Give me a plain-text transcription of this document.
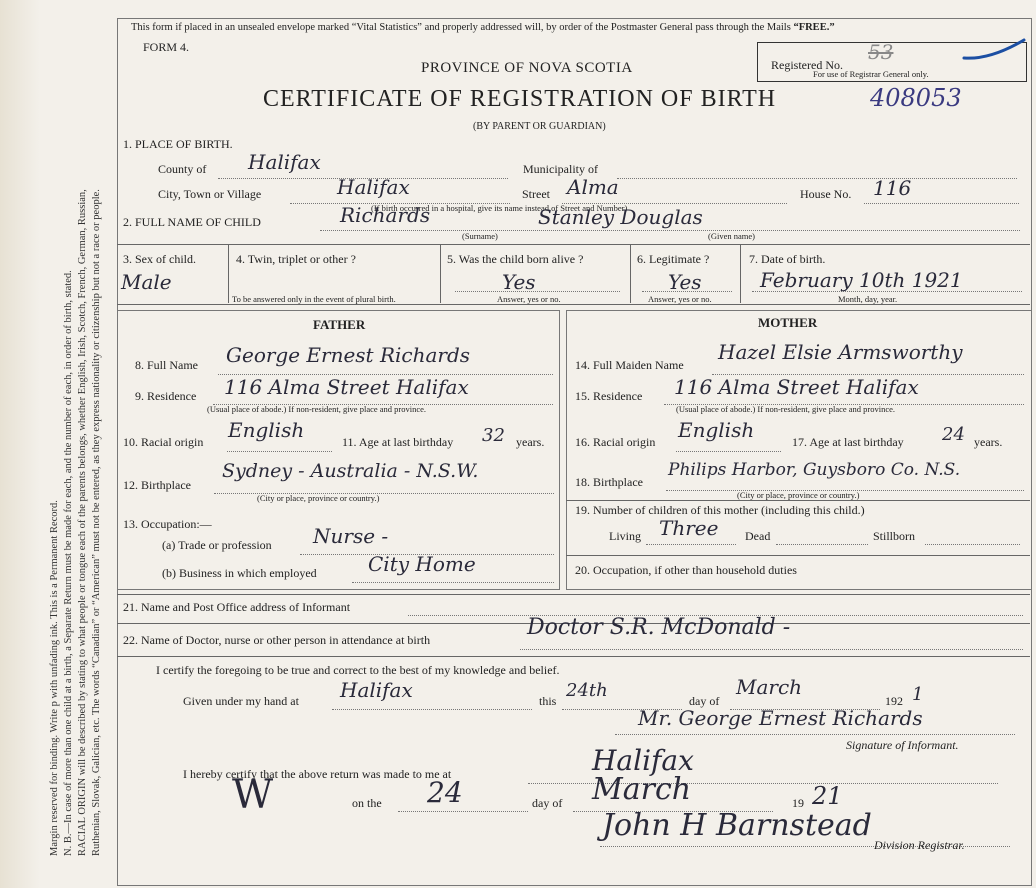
Margin reserved for binding. Write p with unfading ink. This is a Permanent Record. N. B.—In case of more than one child at a birth, a Separate Return must be made for each, and the number of each, in order of birth, stated. RACIAL ORIGIN will be described by stating to what people or tongue each of the parents belongs, whether English, Irish, Scotch, French, German, Russian, Ruthenian, Slovak, Galician, etc. The words “Canadian” or “American” must not be entered, as they express nationality or citizenship but not a race or people.
This form if placed in an unsealed envelope marked “Vital Statistics” and properly addressed will, by order of the Postmaster General pass through the Mails “FREE.”
FORM 4.
Registered No.
53
For use of Registrar General only.
PROVINCE OF NOVA SCOTIA
CERTIFICATE OF REGISTRATION OF BIRTH	408053
(BY PARENT OR GUARDIAN)
1. PLACE OF BIRTH.
County of Halifax	Municipality of
City, Town or Village	Halifax	Street Alma	House No. 116
(If birth occurred in a hospital, give its name instead of Street and Number)
2. FULL NAME OF CHILD	Richards	Stanley Douglas
(Surname)	(Given name)
3. Sex of child.
Male
4. Twin, triplet or other ?
To be answered only in the event of plural birth.
5. Was the child born alive ?
Yes
Answer, yes or no.
6. Legitimate ?
Yes
Answer, yes or no.
7. Date of birth.
February 10th 1921
Month, day, year.
FATHER	MOTHER
8. Full Name George Ernest Richards
9. Residence 116 Alma Street Halifax
(Usual place of abode.) If non-resident, give place and province.
10. Racial origin English	11. Age at last birthday 32 years.
12. Birthplace
Sydney - Australia - N.S.W.
(City or place, province or country.)
13. Occupation:—
(a) Trade or profession Nurse -
(b) Business in which employed	City Home
14. Full Maiden Name
Hazel Elsie Armsworthy
15. Residence 116 Alma Street Halifax
(Usual place of abode.) If non-resident, give place and province.
16. Racial origin English	17. Age at last birthday 24 years.
18. Birthplace
Philips Harbor, Guysboro Co. N.S.
(City or place, province or country.)
19. Number of children of this mother (including this child.)
Living Three Dead	Stillborn
20. Occupation, if other than household duties
21. Name and Post Office address of Informant
22. Name of Doctor, nurse or other person in attendance at birth	Doctor S.R. McDonald -
I certify the foregoing to be true and correct to the best of my knowledge and belief.
Given under my hand at Halifax	this 24th	day of
March
192 1
Mr. George Ernest Richards
Signature of Informant.
I hereby certify that the above return was made to me at	Halifax
W	on the 24	day of March	19 21
John H Barnstead
Division Registrar.
